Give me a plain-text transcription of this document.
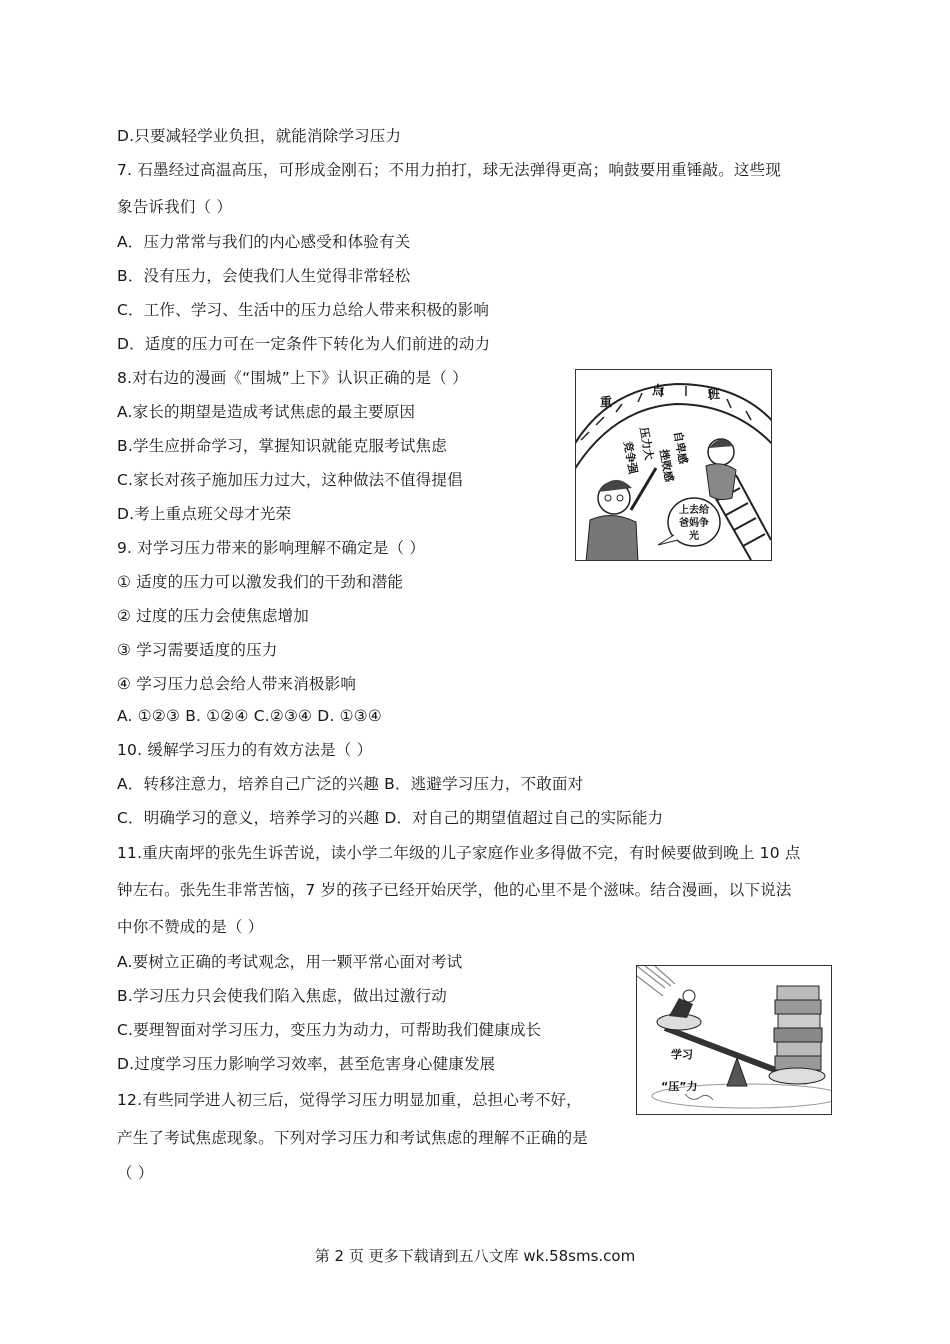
D.只要减轻学业负担，就能消除学习压力
7. 石墨经过高温高压，可形成金刚石；不用力拍打，球无法弹得更高；响鼓要用重锤敲。这些现
象告诉我们（ ）
A．压力常常与我们的内心感受和体验有关
B．没有压力，会使我们人生觉得非常轻松
C．工作、学习、生活中的压力总给人带来积极的影响
D．适度的压力可在一定条件下转化为人们前进的动力
8.对右边的漫画《“围城”上下》认识正确的是（ ）
A.家长的期望是造成考试焦虑的最主要原因
B.学生应拼命学习，掌握知识就能克服考试焦虑
C.家长对孩子施加压力过大，这种做法不值得提倡
D.考上重点班父母才光荣
9. 对学习压力带来的影响理解不确定是（ ）
① 适度的压力可以激发我们的干劲和潜能
② 过度的压力会使焦虑增加
③ 学习需要适度的压力
④ 学习压力总会给人带来消极影响
A. ①②③ B. ①②④ C.②③④ D. ①③④
10. 缓解学习压力的有效方法是（ ）
A．转移注意力，培养自己广泛的兴趣 B．逃避学习压力，不敢面对
C．明确学习的意义，培养学习的兴趣 D．对自己的期望值超过自己的实际能力
11.重庆南坪的张先生诉苦说，读小学二年级的儿子家庭作业多得做不完，有时候要做到晚上 10 点
钟左右。张先生非常苦恼，7 岁的孩子已经开始厌学，他的心里不是个滋味。结合漫画，以下说法
中你不赞成的是（ ）
A.要树立正确的考试观念，用一颗平常心面对考试
B.学习压力只会使我们陷入焦虑，做出过激行动
C.要理智面对学习压力，变压力为动力，可帮助我们健康成长
D.过度学习压力影响学习效率，甚至危害身心健康发展
12.有些同学进人初三后，觉得学习压力明显加重，总担心考不好，
产生了考试焦虑现象。下列对学习压力和考试焦虑的理解不正确的是
（ ）
上去给
爸妈争
光
重
点	班
压力大 自卑感
竞争强 挫败感
学习
“压”力
第 2 页 更多下载请到五八文库 wk.58sms.com
